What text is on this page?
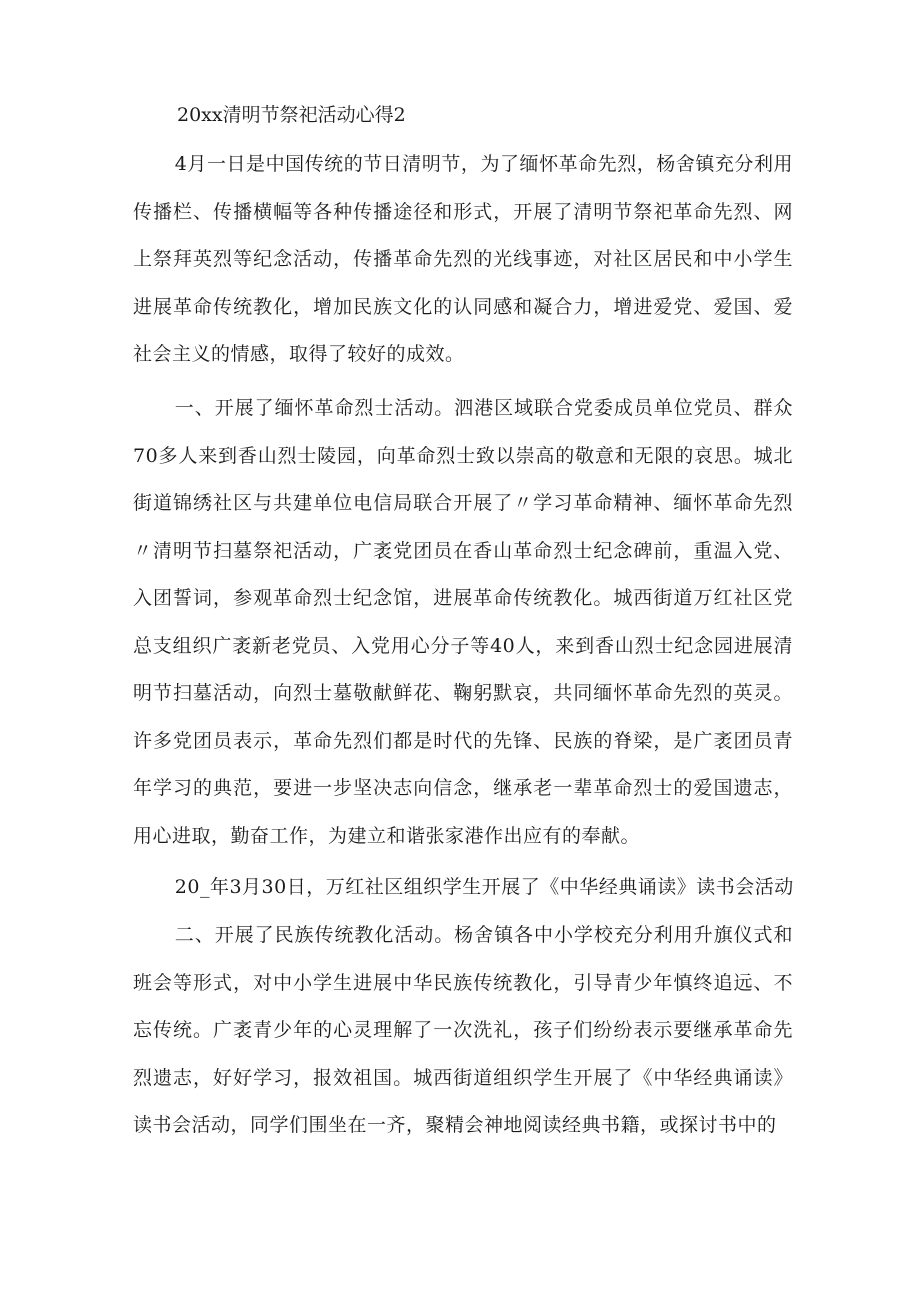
20xx清明节祭祀活动心得2

4月一日是中国传统的节日清明节，为了缅怀革命先烈，杨舍镇充分利用传播栏、传播横幅等各种传播途径和形式，开展了清明节祭祀革命先烈、网上祭拜英烈等纪念活动，传播革命先烈的光线事迹，对社区居民和中小学生进展革命传统教化，增加民族文化的认同感和凝合力，增进爱党、爱国、爱社会主义的情感，取得了较好的成效。

一、开展了缅怀革命烈士活动。泗港区域联合党委成员单位党员、群众70多人来到香山烈士陵园，向革命烈士致以崇高的敬意和无限的哀思。城北街道锦绣社区与共建单位电信局联合开展了〃学习革命精神、缅怀革命先烈〃清明节扫墓祭祀活动，广袤党团员在香山革命烈士纪念碑前，重温入党、入团誓词，参观革命烈士纪念馆，进展革命传统教化。城西街道万红社区党总支组织广袤新老党员、入党用心分子等40人，来到香山烈士纪念园进展清明节扫墓活动，向烈士墓敬献鲜花、鞠躬默哀，共同缅怀革命先烈的英灵。许多党团员表示，革命先烈们都是时代的先锋、民族的脊梁，是广袤团员青年学习的典范，要进一步坚决志向信念，继承老一辈革命烈士的爱国遗志，用心进取，勤奋工作，为建立和谐张家港作出应有的奉献。

20_年3月30日，万红社区组织学生开展了《中华经典诵读》读书会活动

二、开展了民族传统教化活动。杨舍镇各中小学校充分利用升旗仪式和班会等形式，对中小学生进展中华民族传统教化，引导青少年慎终追远、不忘传统。广袤青少年的心灵理解了一次洗礼，孩子们纷纷表示要继承革命先烈遗志，好好学习，报效祖国。城西街道组织学生开展了《中华经典诵读》读书会活动，同学们围坐在一齐，聚精会神地阅读经典书籍，或探讨书中的
